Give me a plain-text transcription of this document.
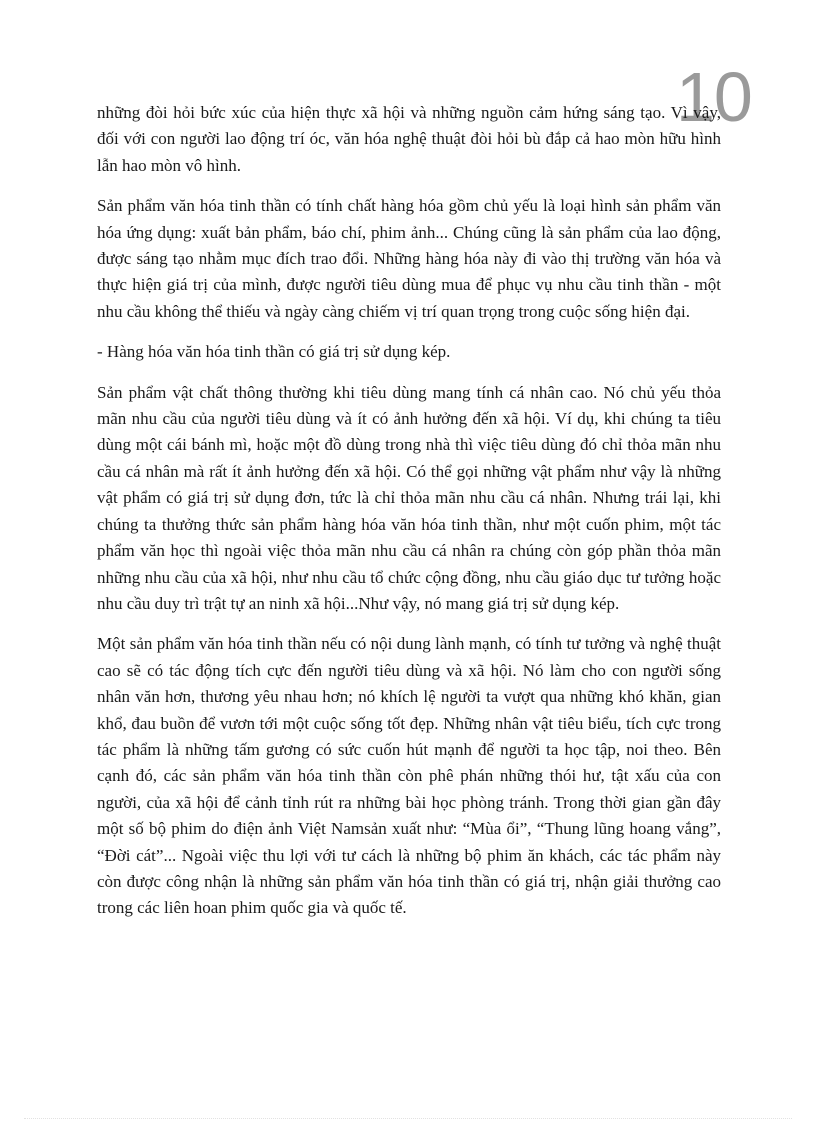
10

những đòi hỏi bức xúc của hiện thực xã hội và những nguồn cảm hứng sáng tạo. Vì vậy, đối với con người lao động trí óc, văn hóa nghệ thuật đòi hỏi bù đắp cả hao mòn hữu hình lẫn hao mòn vô hình.

Sản phẩm văn hóa tinh thần có tính chất hàng hóa gồm chủ yếu là loại hình sản phẩm văn hóa ứng dụng: xuất bản phẩm, báo chí, phim ảnh... Chúng cũng là sản phẩm của lao động, được sáng tạo nhằm mục đích trao đổi. Những hàng hóa này đi vào thị trường văn hóa và thực hiện giá trị của mình, được người tiêu dùng mua để phục vụ nhu cầu tinh thần - một nhu cầu không thể thiếu và ngày càng chiếm vị trí quan trọng trong cuộc sống hiện đại.

- Hàng hóa văn hóa tinh thần có giá trị sử dụng kép.

Sản phẩm vật chất thông thường khi tiêu dùng mang tính cá nhân cao. Nó chủ yếu thỏa mãn nhu cầu của người tiêu dùng và ít có ảnh hưởng đến xã hội. Ví dụ, khi chúng ta tiêu dùng một cái bánh mì, hoặc một đồ dùng trong nhà thì việc tiêu dùng đó chỉ thỏa mãn nhu cầu cá nhân mà rất ít ảnh hưởng đến xã hội. Có thể gọi những vật phẩm như vậy là những vật phẩm có giá trị sử dụng đơn, tức là chỉ thỏa mãn nhu cầu cá nhân. Nhưng trái lại, khi chúng ta thưởng thức sản phẩm hàng hóa văn hóa tinh thần, như một cuốn phim, một tác phẩm văn học thì ngoài việc thỏa mãn nhu cầu cá nhân ra chúng còn góp phần thỏa mãn những nhu cầu của xã hội, như nhu cầu tổ chức cộng đồng, nhu cầu giáo dục tư tưởng hoặc nhu cầu duy trì trật tự an ninh xã hội...Như vậy, nó mang giá trị sử dụng kép.

Một sản phẩm văn hóa tinh thần nếu có nội dung lành mạnh, có tính tư tưởng và nghệ thuật cao sẽ có tác động tích cực đến người tiêu dùng và xã hội. Nó làm cho con người sống nhân văn hơn, thương yêu nhau hơn; nó khích lệ người ta vượt qua những khó khăn, gian khổ, đau buồn để vươn tới một cuộc sống tốt đẹp. Những nhân vật tiêu biểu, tích cực trong tác phẩm là những tấm gương có sức cuốn hút mạnh để người ta học tập, noi theo. Bên cạnh đó, các sản phẩm văn hóa tinh thần còn phê phán những thói hư, tật xấu của con người, của xã hội để cảnh tỉnh rút ra những bài học phòng tránh. Trong thời gian gần đây một số bộ phim do điện ảnh Việt Namsản xuất như: “Mùa ổi”, “Thung lũng hoang vắng”, “Đời cát”... Ngoài việc thu lợi với tư cách là những bộ phim ăn khách, các tác phẩm này còn được công nhận là những sản phẩm văn hóa tinh thần có giá trị, nhận giải thưởng cao trong các liên hoan phim quốc gia và quốc tế.
